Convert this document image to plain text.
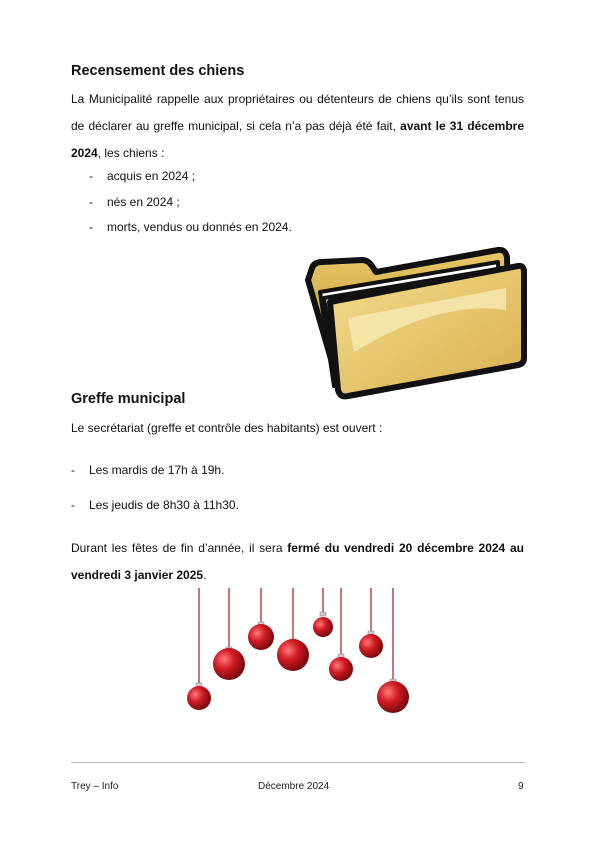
Recensement des chiens
La Municipalité rappelle aux propriétaires ou détenteurs de chiens qu’ils sont tenus de déclarer au greffe municipal, si cela n’a pas déjà été fait, avant le 31 décembre 2024, les chiens :
- acquis en 2024 ;
- nés en 2024 ;
- morts, vendus ou donnés en 2024.
Greffe municipal

Le secrétariat (greffe et contrôle des habitants) est ouvert :

- Les mardis de 17h à 19h.
- Les jeudis de 8h30 à 11h30.
Durant les fêtes de fin d’année, il sera fermé du vendredi 20 décembre 2024 au vendredi 3 janvier 2025.
Trey – Info	Décembre 2024	9
